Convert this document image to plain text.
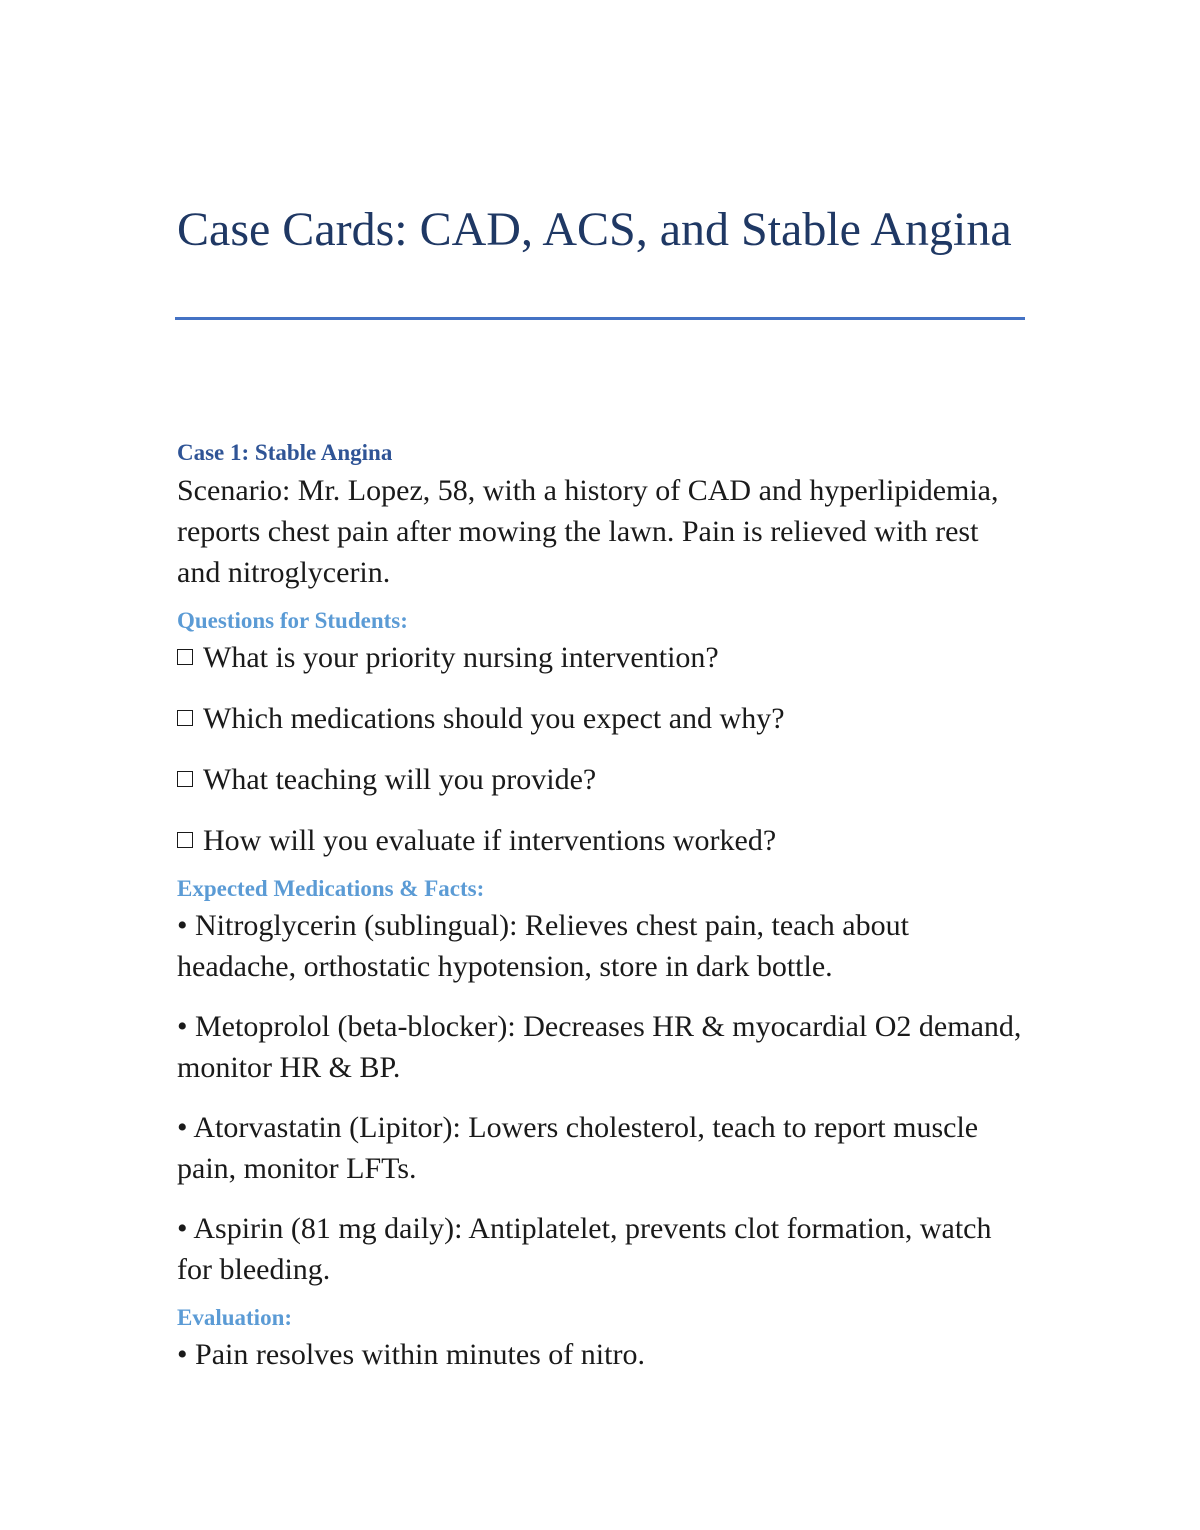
Case Cards: CAD, ACS, and Stable Angina
Case 1: Stable Angina

Scenario: Mr. Lopez, 58, with a history of CAD and hyperlipidemia, reports chest pain after mowing the lawn. Pain is relieved with rest and nitroglycerin.

Questions for Students:
What is your priority nursing intervention?
Which medications should you expect and why?
What teaching will you provide?
How will you evaluate if interventions worked?
Expected Medications & Facts:

• Nitroglycerin (sublingual): Relieves chest pain, teach about headache, orthostatic hypotension, store in dark bottle.

• Metoprolol (beta-blocker): Decreases HR & myocardial O2 demand, monitor HR & BP.

• Atorvastatin (Lipitor): Lowers cholesterol, teach to report muscle pain, monitor LFTs.

• Aspirin (81 mg daily): Antiplatelet, prevents clot formation, watch for bleeding.

Evaluation:

• Pain resolves within minutes of nitro.
